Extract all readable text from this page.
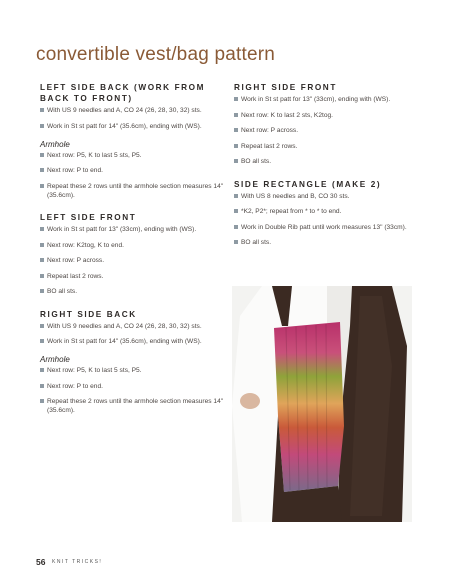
convertible vest/bag pattern
LEFT SIDE BACK (WORK FROM BACK TO FRONT)
With US 9 needles and A, CO 24 (26, 28, 30, 32) sts.
Work in St st patt for 14" (35.6cm), ending with (WS).
Armhole
Next row: P5, K to last 5 sts, P5.
Next row: P to end.
Repeat these 2 rows until the armhole section measures 14" (35.6cm).
LEFT SIDE FRONT
Work in St st patt for 13" (33cm), ending with (WS).
Next row: K2tog, K to end.
Next row: P across.
Repeat last 2 rows.
BO all sts.
RIGHT SIDE BACK
With US 9 needles and A, CO 24 (26, 28, 30, 32) sts.
Work in St st patt for 14" (35.6cm), ending with (WS).
Armhole
Next row: P5, K to last 5 sts, P5.
Next row: P to end.
Repeat these 2 rows until the armhole section measures 14" (35.6cm).
RIGHT SIDE FRONT
Work in St st patt for 13" (33cm), ending with (WS).
Next row: K to last 2 sts, K2tog.
Next row: P across.
Repeat last 2 rows.
BO all sts.
SIDE RECTANGLE (MAKE 2)
With US 8 needles and B, CO 30 sts.
*K2, P2*; repeat from * to * to end.
Work in Double Rib patt until work measures 13" (33cm).
BO all sts.
56 KNIT TRICKS!
